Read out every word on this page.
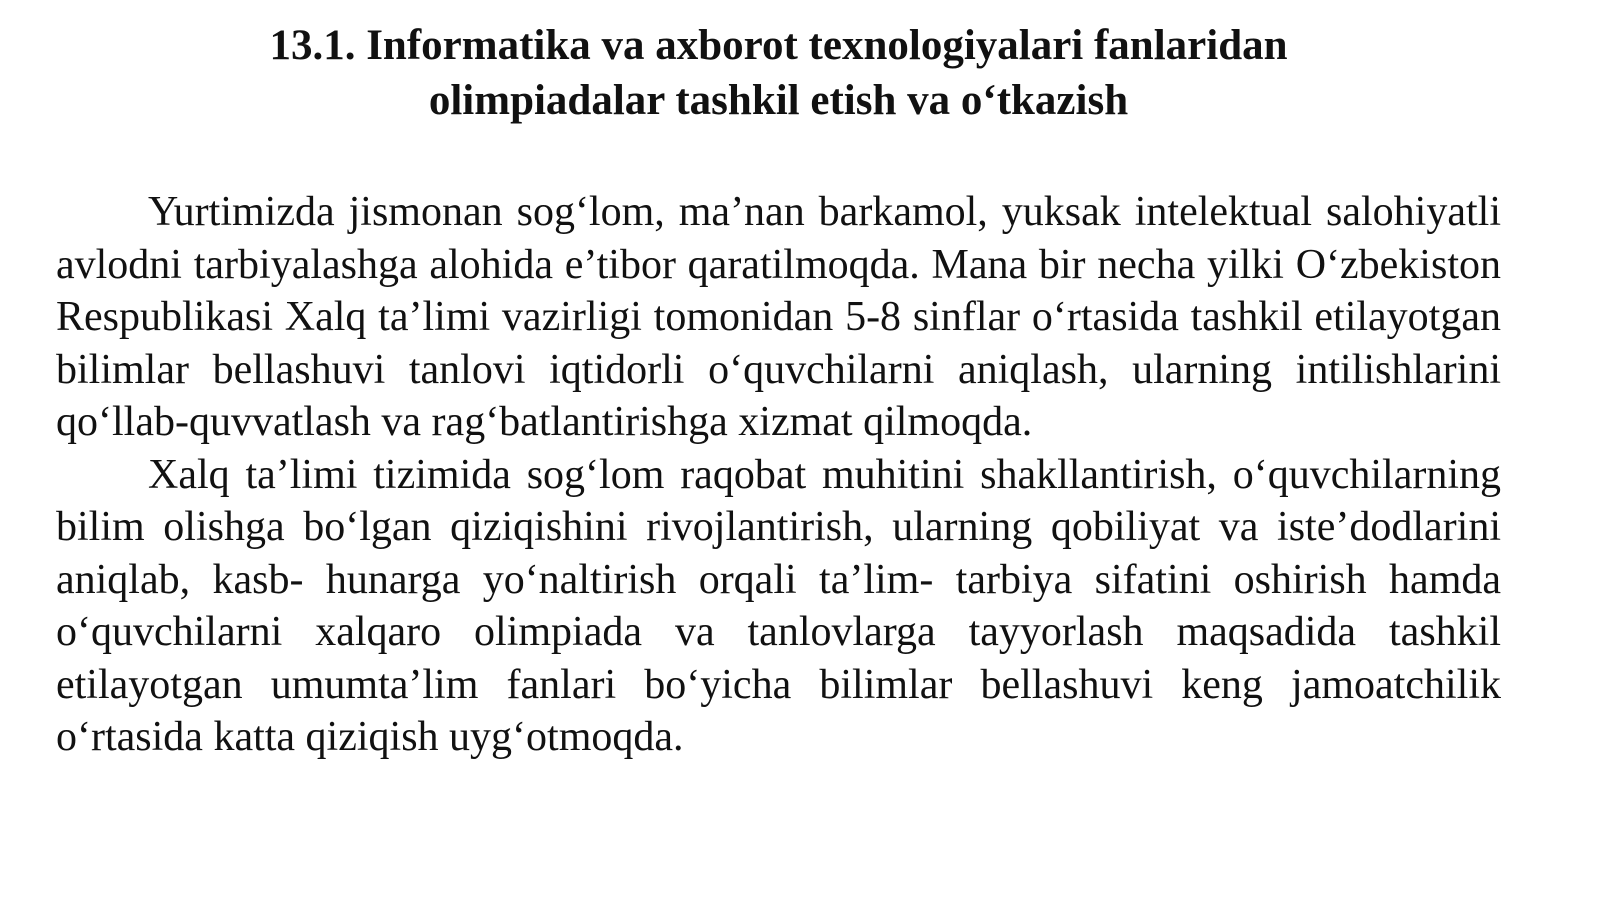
13.1. Informatika va axborot texnologiyalari fanlaridan
olimpiadalar tashkil etish va o‘tkazish

Yurtimizda jismonan sog‘lom, ma’nan barkamol, yuksak intelektual salohiyatli avlodni tarbiyalashga alohida e’tibor qaratilmoqda. Mana bir necha yilki O‘zbekiston Respublikasi Xalq ta’limi vazirligi tomonidan 5-8 sinflar o‘rtasida tashkil etilayotgan bilimlar bellashuvi tanlovi iqtidorli o‘quvchilarni aniqlash, ularning intilishlarini qo‘llab-quvvatlash va rag‘batlantirishga xizmat qilmoqda.

Xalq ta’limi tizimida sog‘lom raqobat muhitini shakllantirish, o‘quvchilarning bilim olishga bo‘lgan qiziqishini rivojlantirish, ularning qobiliyat va iste’dodlarini aniqlab, kasb- hunarga yo‘naltirish orqali ta’lim- tarbiya sifatini oshirish hamda o‘quvchilarni xalqaro olimpiada va tanlovlarga tayyorlash maqsadida tashkil etilayotgan umumta’lim fanlari bo‘yicha bilimlar bellashuvi keng jamoatchilik o‘rtasida katta qiziqish uyg‘otmoqda.
